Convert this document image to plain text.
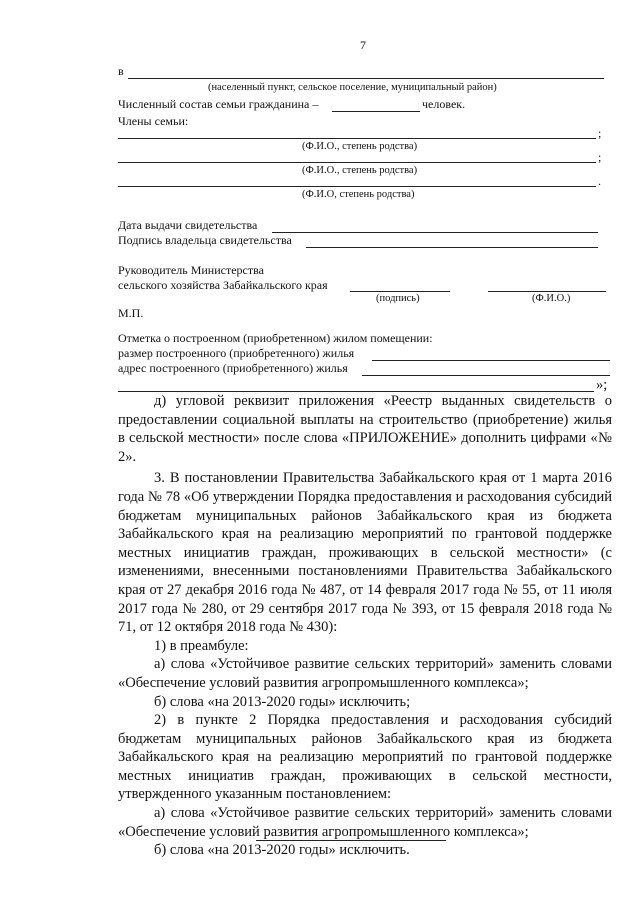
7
в
(населенный пункт, сельское поселение, муниципальный район)
Численный состав семьи гражданина –	человек.
Члены семьи:
;
(Ф.И.О., степень родства)
;
(Ф.И.О., степень родства)
.
(Ф.И.О, степень родства)
Дата выдачи свидетельства
Подпись владельца свидетельства
Руководитель Министерства
сельского хозяйства Забайкальского края
(подпись)	(Ф.И.О.)
М.П.
Отметка о построенном (приобретенном) жилом помещении:
размер построенного (приобретенного) жилья
адрес построенного (приобретенного) жилья
»;

д) угловой реквизит приложения «Реестр выданных свидетельств о предоставлении социальной выплаты на строительство (приобретение) жилья в сельской местности» после слова «ПРИЛОЖЕНИЕ» дополнить цифрами «№ 2».

3. В постановлении Правительства Забайкальского края от 1 марта 2016 года № 78 «Об утверждении Порядка предоставления и расходования субсидий бюджетам муниципальных районов Забайкальского края из бюджета Забайкальского края на реализацию мероприятий по грантовой поддержке местных инициатив граждан, проживающих в сельской местности» (с изменениями, внесенными постановлениями Правительства Забайкальского края от 27 декабря 2016 года № 487, от 14 февраля 2017 года № 55, от 11 июля 2017 года № 280, от 29 сентября 2017 года № 393, от 15 февраля 2018 года № 71, от 12 октября 2018 года № 430):

1) в преамбуле:

а) слова «Устойчивое развитие сельских территорий» заменить словами «Обеспечение условий развития агропромышленного комплекса»;

б) слова «на 2013-2020 годы» исключить;

2) в пункте 2 Порядка предоставления и расходования субсидий бюджетам муниципальных районов Забайкальского края из бюджета Забайкальского края на реализацию мероприятий по грантовой поддержке местных инициатив граждан, проживающих в сельской местности, утвержденного указанным постановлением:

а) слова «Устойчивое развитие сельских территорий» заменить словами «Обеспечение условий развития агропромышленного комплекса»;

б) слова «на 2013-2020 годы» исключить.
